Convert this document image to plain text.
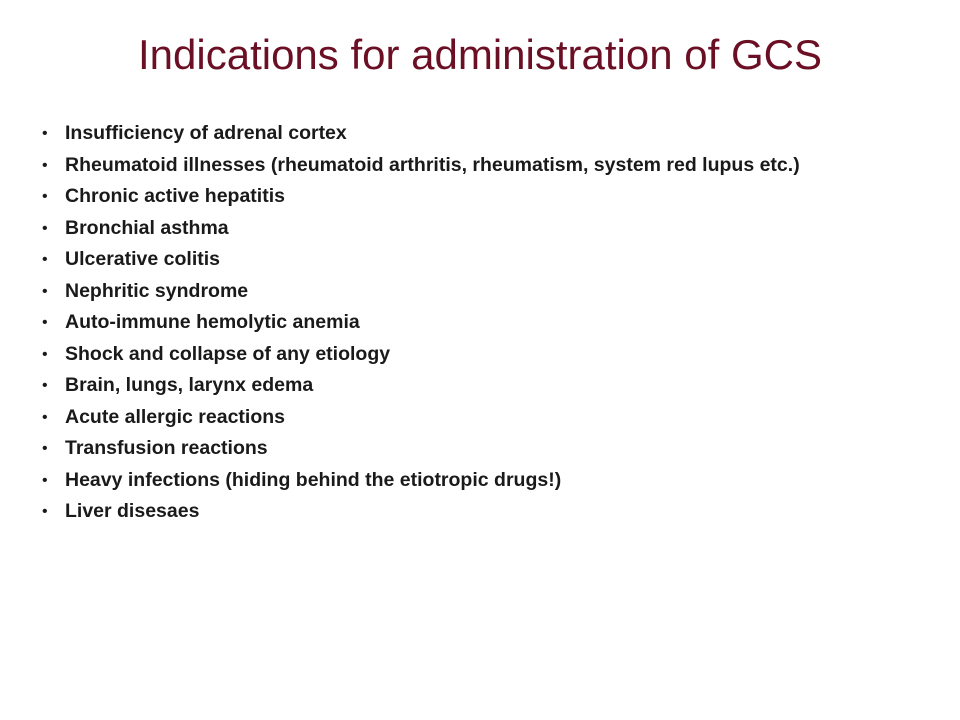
Indications for administration of GCS
• Insufficiency of adrenal cortex
• Rheumatoid illnesses (rheumatoid arthritis, rheumatism, system red lupus etc.)
• Chronic active hepatitis
• Bronchial asthma
• Ulcerative colitis
• Nephritic syndrome
• Auto-immune hemolytic anemia
• Shock and collapse of any etiology
• Brain, lungs, larynx edema
• Acute allergic reactions
• Transfusion reactions
• Heavy infections (hiding behind the etiotropic drugs!)
• Liver disesaes
